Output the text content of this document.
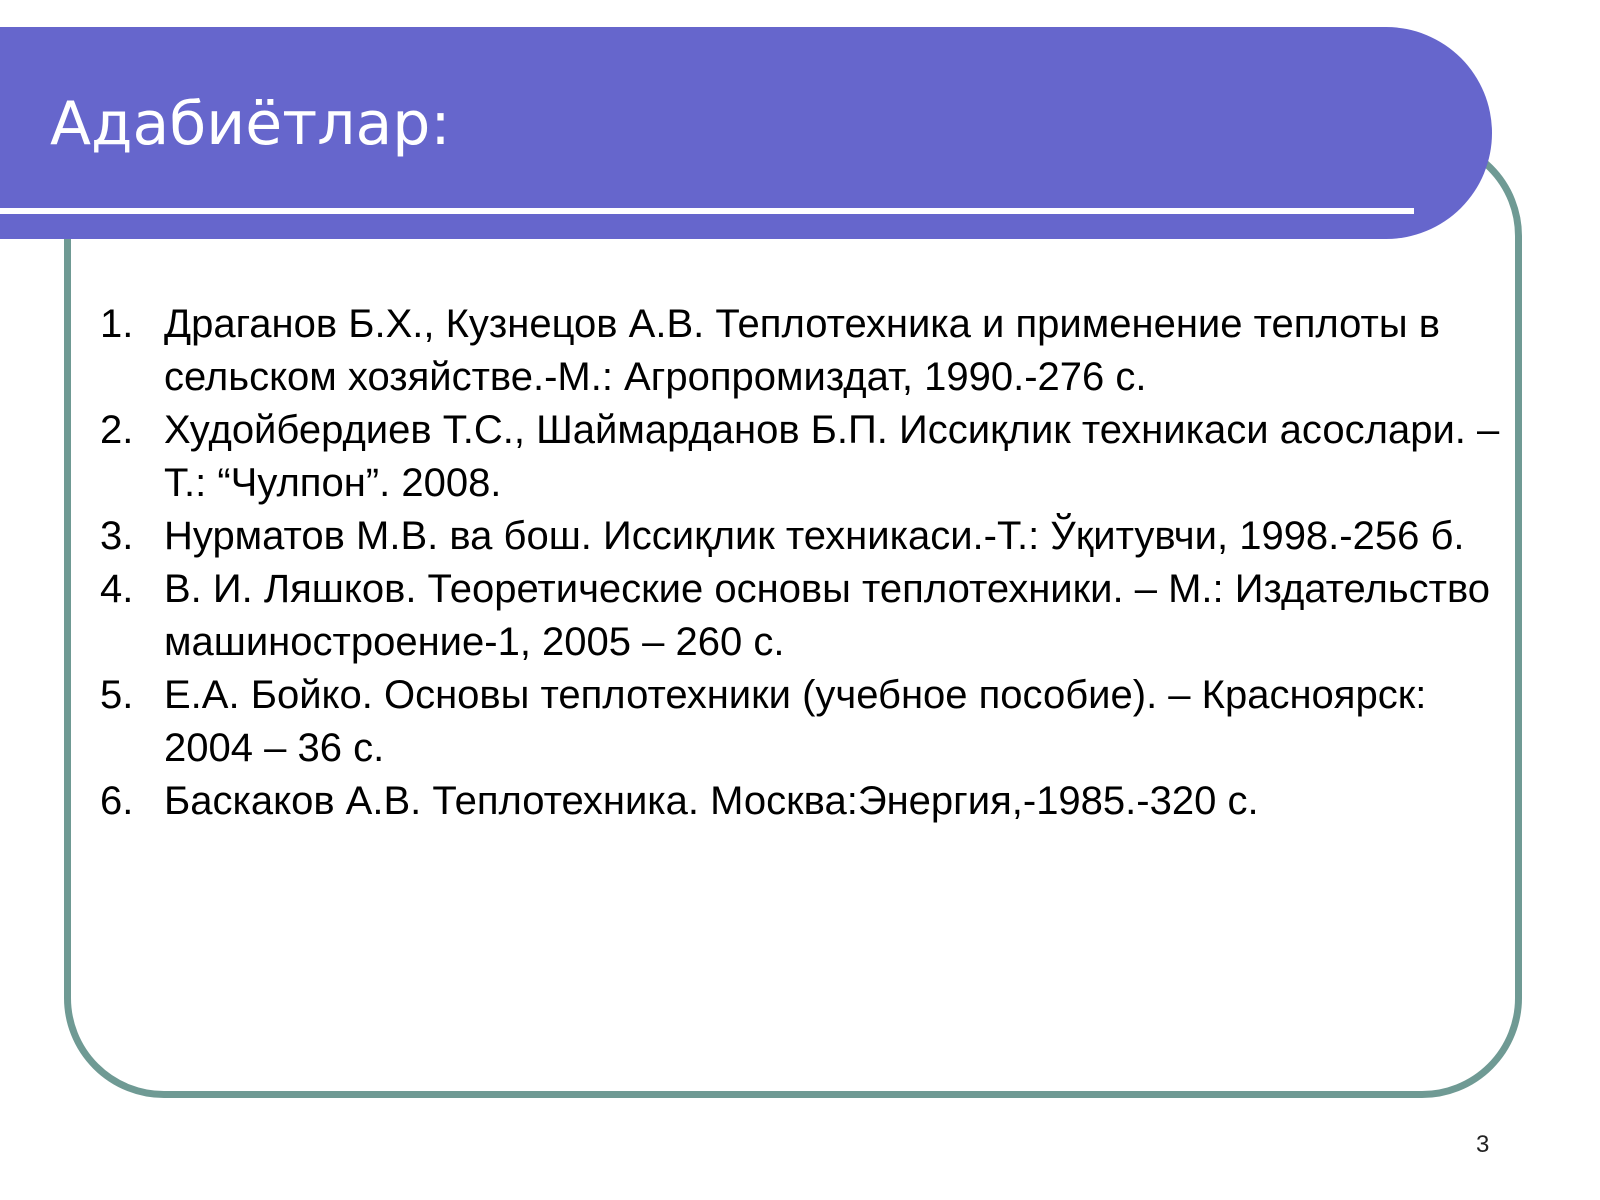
Адабиётлар:
1. Драганов Б.Х., Кузнецов А.В. Теплотехника и применение теплоты в сельском хозяйстве.-М.: Агропромиздат, 1990.-276 с.
2. Худойбердиев Т.С., Шаймарданов Б.П. Иссиқлик техникаси асослари. – Т.: “Чулпон”. 2008.
3. Нурматов М.В. ва бош. Иссиқлик техникаси.-Т.: Ўқитувчи, 1998.-256 б.
4. В. И. Ляшков. Теоретические основы теплотехники. – М.: Издательство машиностроение-1, 2005 – 260 с.
5. Е.А. Бойко. Основы теплотехники (учебное пособие). – Красноярск: 2004 – 36 с.
6. Баскаков А.В. Теплотехника. Москва:Энергия,-1985.-320 с.
3
